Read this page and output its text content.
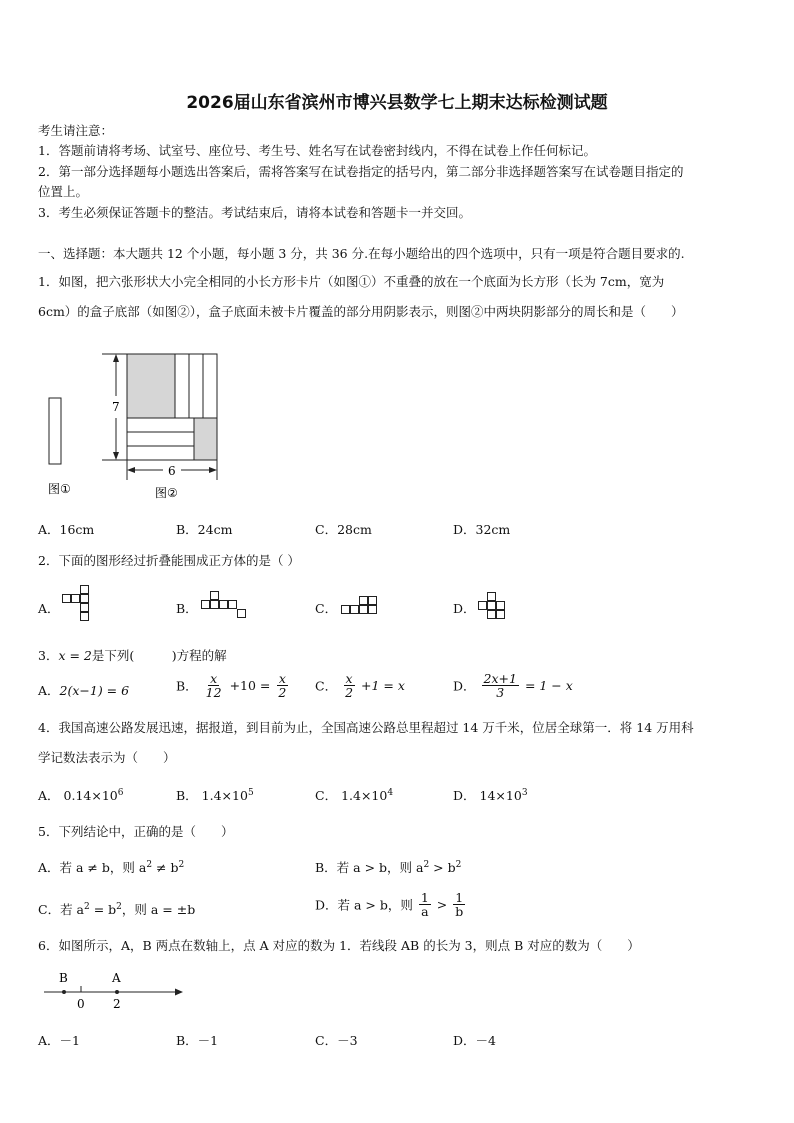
2026届山东省滨州市博兴县数学七上期末达标检测试题
考生请注意：
1．答题前请将考场、试室号、座位号、考生号、姓名写在试卷密封线内，不得在试卷上作任何标记。
2．第一部分选择题每小题选出答案后，需将答案写在试卷指定的括号内，第二部分非选择题答案写在试卷题目指定的
位置上。
3．考生必须保证答题卡的整洁。考试结束后，请将本试卷和答题卡一并交回。
一、选择题：本大题共 12 个小题，每小题 3 分，共 36 分.在每小题给出的四个选项中，只有一项是符合题目要求的.
1．如图，把六张形状大小完全相同的小长方形卡片（如图①）不重叠的放在一个底面为长方形（长为 7cm，宽为
6cm）的盒子底部（如图②），盒子底面未被卡片覆盖的部分用阴影表示，则图②中两块阴影部分的周长和是（　　）
7
6
图①	图②
A．16cm	B．24cm	C．28cm	D．32cm
2．下面的图形经过折叠能围成正方体的是（ ）
A．	B．	C．	D．
3．x = 2是下列(　　　)方程的解
A．2(x−1) = 6	B． $\frac{x}{12} +10 = \frac{x}{2}$ C． $\frac{x}{2} +1 = x$	D． $\frac{2x+1}{3} = 1 - x$
4．我国高速公路发展迅速，据报道，到目前为止，全国高速公路总里程超过 14 万千米，位居全球第一．将 14 万用科
学记数法表示为（　　）
A． $0.14\times 10^6$	B． $1.4\times 10^5$	C． $1.4\times 10^4$	D． $14\times 10^3$
5．下列结论中，正确的是（　　）
A．若 a ≠ b，则 $a^2 \ne b^2$	B．若 a > b，则 $a^2 > b^2$
C．若 $a^2 = b^2$，则 a = ±b	D．若 a > b，则 $\frac{1}{a} > \frac{1}{b}$
6．如图所示，A，B 两点在数轴上，点 A 对应的数为 1．若线段 AB 的长为 3，则点 B 对应的数为（　　）
B	A
0 2
A．－1	B．－1	C．－3	D．－4
